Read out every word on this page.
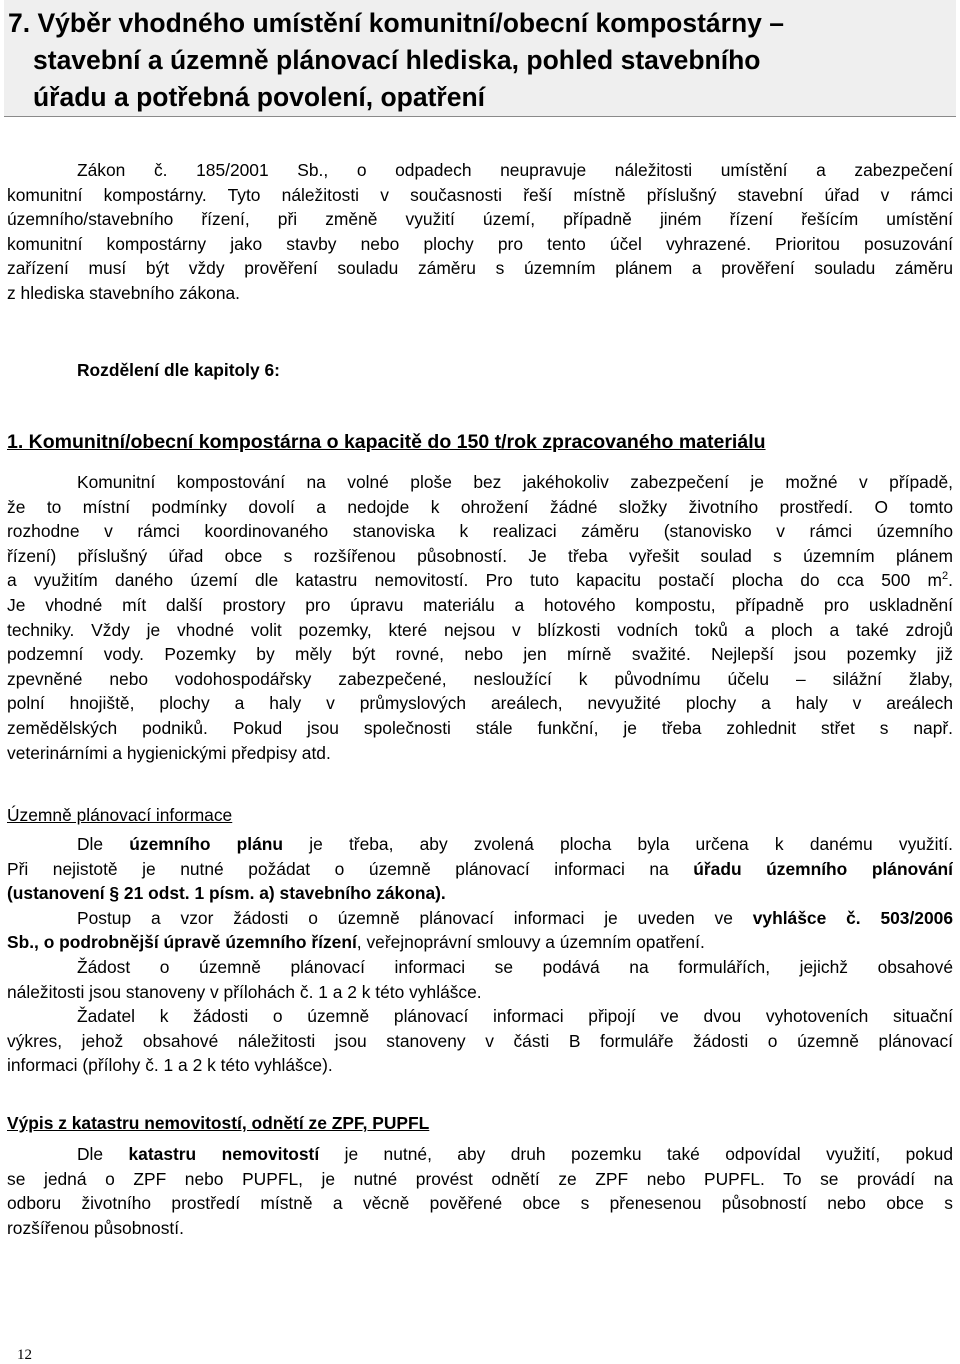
7. Výběr vhodného umístění komunitní/obecní kompostárny –
stavební a územně plánovací hlediska, pohled stavebního
úřadu a potřebná povolení, opatření
Zákon č. 185/2001 Sb., o odpadech neupravuje náležitosti umístění a zabezpečení
komunitní kompostárny. Tyto náležitosti v současnosti řeší místně příslušný stavební úřad v rámci
územního/stavebního řízení, při změně využití území, případně jiném řízení řešícím umístění
komunitní kompostárny jako stavby nebo plochy pro tento účel vyhrazené. Prioritou posuzování
zařízení musí být vždy prověření souladu záměru s územním plánem a prověření souladu záměru
z hlediska stavebního zákona.
Rozdělení dle kapitoly 6:
1. Komunitní/obecní kompostárna o kapacitě do 150 t/rok zpracovaného materiálu
Komunitní kompostování na volné ploše bez jakéhokoliv zabezpečení je možné v případě,
že to místní podmínky dovolí a nedojde k ohrožení žádné složky životního prostředí. O tomto
rozhodne v rámci koordinovaného stanoviska k realizaci záměru (stanovisko v rámci územního
řízení) příslušný úřad obce s rozšířenou působností. Je třeba vyřešit soulad s územním plánem
a využitím daného území dle katastru nemovitostí. Pro tuto kapacitu postačí plocha do cca 500 $m^2$.
Je vhodné mít další prostory pro úpravu materiálu a hotového kompostu, případně pro uskladnění
techniky. Vždy je vhodné volit pozemky, které nejsou v blízkosti vodních toků a ploch a také zdrojů
podzemní vody. Pozemky by měly být rovné, nebo jen mírně svažité. Nejlepší jsou pozemky již
zpevněné nebo vodohospodářsky zabezpečené, nesloužící k původnímu účelu – silážní žlaby,
polní hnojiště, plochy a haly v průmyslových areálech, nevyužité plochy a haly v areálech
zemědělských podniků. Pokud jsou společnosti stále funkční, je třeba zohlednit střet s např.
veterinárními a hygienickými předpisy atd.
Územně plánovací informace
Dle územního plánu je třeba, aby zvolená plocha byla určena k danému využití.
Při nejistotě je nutné požádat o územně plánovací informaci na úřadu územního plánování
(ustanovení § 21 odst. 1 písm. a) stavebního zákona).
Postup a vzor žádosti o územně plánovací informaci je uveden ve vyhlášce č. 503/2006
Sb., o podrobnější úpravě územního řízení, veřejnoprávní smlouvy a územním opatření.
Žádost o územně plánovací informaci se podává na formulářích, jejichž obsahové
náležitosti jsou stanoveny v přílohách č. 1 a 2 k této vyhlášce.
Žadatel k žádosti o územně plánovací informaci připojí ve dvou vyhotoveních situační
výkres, jehož obsahové náležitosti jsou stanoveny v části B formuláře žádosti o územně plánovací
informaci (přílohy č. 1 a 2 k této vyhlášce).
Výpis z katastru nemovitostí, odnětí ze ZPF, PUPFL
Dle katastru nemovitostí je nutné, aby druh pozemku také odpovídal využití, pokud
se jedná o ZPF nebo PUPFL, je nutné provést odnětí ze ZPF nebo PUPFL. To se provádí na
odboru životního prostředí místně a věcně pověřené obce s přenesenou působností nebo obce s
rozšířenou působností.
12
